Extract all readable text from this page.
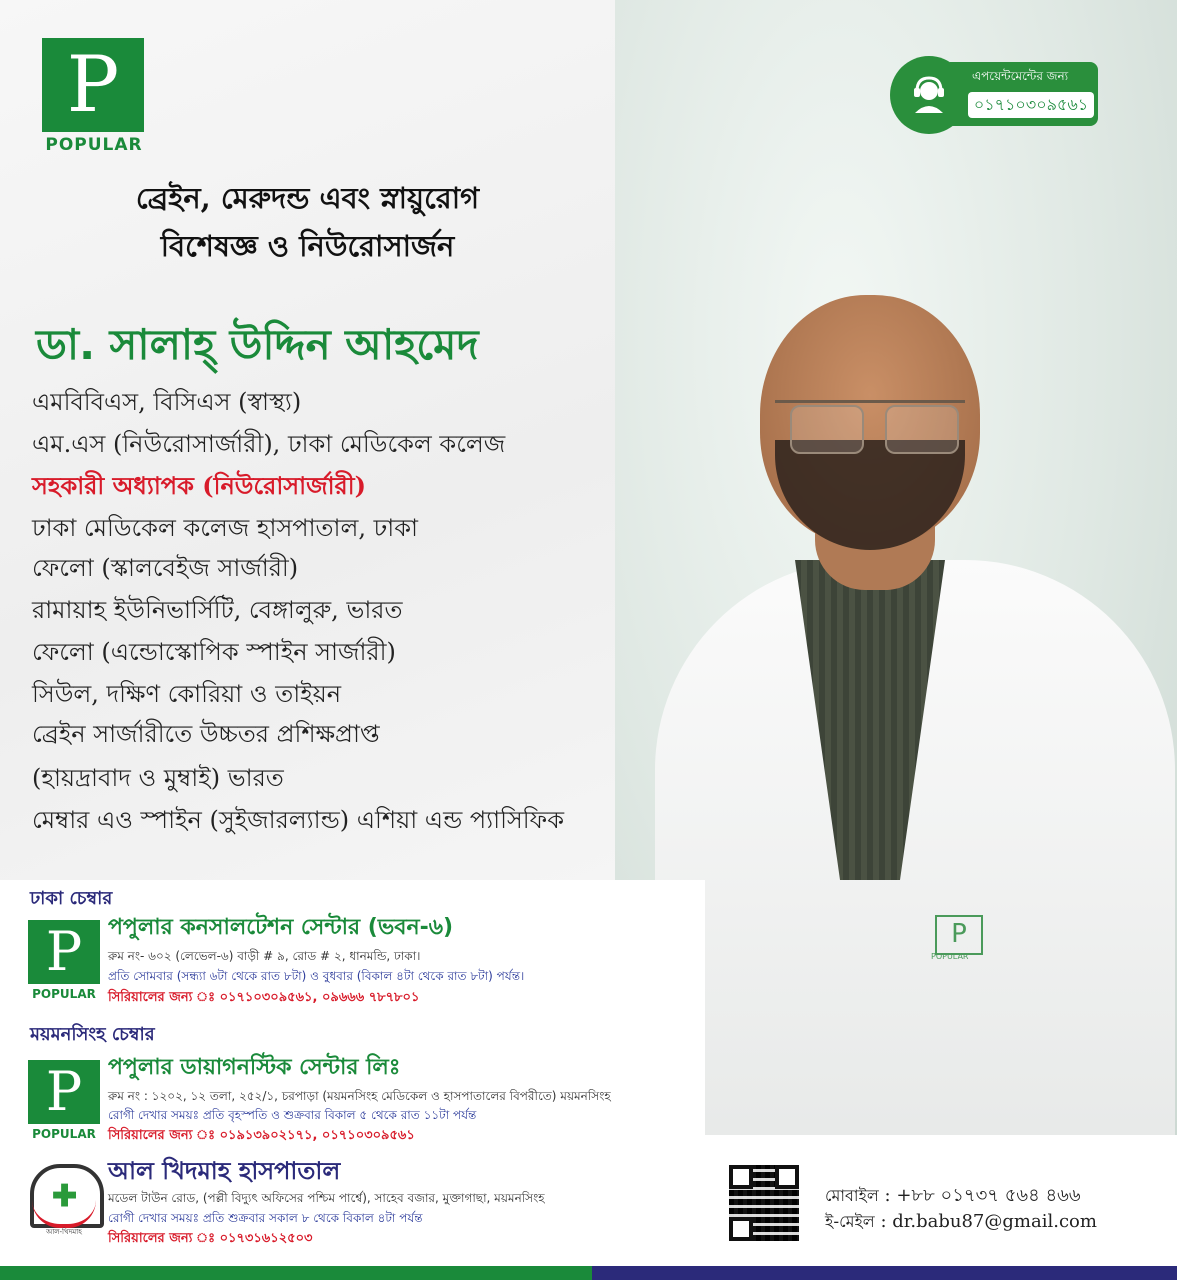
P
POPULAR
P
POPULAR
এপয়েন্টমেন্টের জন্য
০১৭১০৩০৯৫৬১
ব্রেইন, মেরুদন্ড এবং স্নায়ুরোগ
বিশেষজ্ঞ ও নিউরোসার্জন
ডা. সালাহ্ উদ্দিন আহমেদ
এমবিবিএস, বিসিএস (স্বাস্থ্য)
এম.এস (নিউরোসার্জারী), ঢাকা মেডিকেল কলেজ
সহকারী অধ্যাপক (নিউরোসার্জারী)
ঢাকা মেডিকেল কলেজ হাসপাতাল, ঢাকা
ফেলো (স্কালবেইজ সার্জারী)
রামায়াহ ইউনিভার্সিটি, বেঙ্গালুরু, ভারত
ফেলো (এন্ডোস্কোপিক স্পাইন সার্জারী)
সিউল, দক্ষিণ কোরিয়া ও তাইয়ন
ব্রেইন সার্জারীতে উচ্চতর প্রশিক্ষপ্রাপ্ত
(হায়দ্রাবাদ ও মুম্বাই) ভারত
মেম্বার এও স্পাইন (সুইজারল্যান্ড) এশিয়া এন্ড প্যাসিফিক
ঢাকা চেম্বার
P
POPULAR
পপুলার কনসালটেশন সেন্টার (ভবন-৬)
রুম নং- ৬০২ (লেভেল-৬) বাড়ী # ৯, রোড # ২, ধানমন্ডি, ঢাকা।
প্রতি সোমবার (সন্ধ্যা ৬টা থেকে রাত ৮টা) ও বুধবার (বিকাল ৪টা থেকে রাত ৮টা) পর্যন্ত।
সিরিয়ালের জন্য ঃ ০১৭১০৩০৯৫৬১, ০৯৬৬৬ ৭৮৭৮০১
ময়মনসিংহ চেম্বার
P
POPULAR
পপুলার ডায়াগনস্টিক সেন্টার লিঃ
রুম নং : ১২০২, ১২ তলা, ২৫২/১, চরপাড়া (ময়মনসিংহ মেডিকেল ও হাসপাতালের বিপরীতে) ময়মনসিংহ
রোগী দেখার সময়ঃ প্রতি বৃহস্পতি ও শুক্রবার বিকাল ৫ থেকে রাত ১১টা পর্যন্ত
সিরিয়ালের জন্য ঃ ০১৯১৩৯০২১৭১, ০১৭১০৩০৯৫৬১
✚
আল-খিদমাহ
আল খিদমাহ হাসপাতাল
মডেল টাউন রোড, (পল্লী বিদ্যুৎ অফিসের পশ্চিম পার্শ্বে), সাহেব বজার, মুক্তাগাছা, ময়মনসিংহ
রোগী দেখার সময়ঃ প্রতি শুক্রবার সকাল ৮ থেকে বিকাল ৪টা পর্যন্ত
সিরিয়ালের জন্য ঃ ০১৭৩১৬১২৫০৩
মোবাইল : +৮৮ ০১৭৩৭ ৫৬৪ ৪৬৬
ই-মেইল : dr.babu87@gmail.com
